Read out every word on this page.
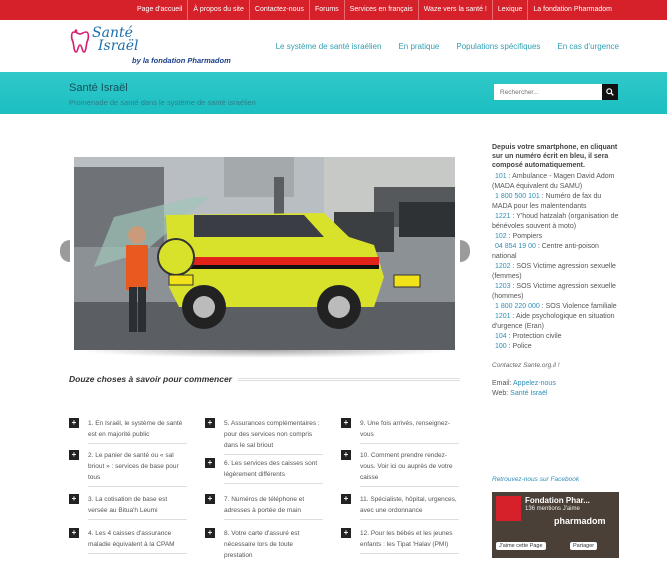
Page d'accueil	À propos du site	Contactez-nous	Forums	Services en français	Waze vers la santé !	Lexique	La fondation Pharmadom
Santé
Israël
by la fondation Pharmadom
Le système de santé israélien En pratique Populations spécifiques En cas d'urgence
Santé Israël
Promenade de santé dans le système de santé israélien
Rechercher...
Douze choses à savoir pour commencer
+	1. En Israël, le système de santé est en majorité public
+	5. Assurances complémentaires : pour des services non compris dans le sal briout
+	9. Une fois arrivés, renseignez-vous
+	2. Le panier de santé ou « sal briout » : services de base pour tous
+	6. Les services des caisses sont légèrement différents
+	10. Comment prendre rendez-vous. Voir ici ou auprès de votre caisse
+	3. La cotisation de base est versée au Bitua'h Leumi
+	7. Numéros de téléphone et adresses à portée de main
+	11. Spécialiste, hôpital, urgences, avec une ordonnance
+	4. Les 4 caisses d'assurance maladie équivalent à la CPAM
+	8. Votre carte d'assuré est nécessaire lors de toute prestation
+	12. Pour les bébés et les jeunes enfants : les Tipat 'Halav (PMI)
Depuis votre smartphone, en cliquant sur un numéro écrit en bleu, il sera composé automatiquement.
101 : Ambulance - Magen David Adom (MADA équivalent du SAMU)
1 800 500 101 : Numéro de fax du MADA pour les malentendants
1221 : Y'houd hatzalah (organisation de bénévoles souvent à moto)
102 : Pompiers
04 854 19 00 : Centre anti-poison national
1202 : SOS Victime agression sexuelle (femmes)
1203 : SOS Victime agression sexuelle (hommes)
1 800 220 000 : SOS Violence familiale
1201 : Aide psychologique en situation d'urgence (Eran)
104 : Protection civile
100 : Police
Contactez Sante.org.il !
Email: Appelez-nous
Web: Santé Israël
Retrouvez-nous sur Facebook
Fondation Phar...
136 mentions J'aime
pharmadom
J'aime cette Page	Partager
